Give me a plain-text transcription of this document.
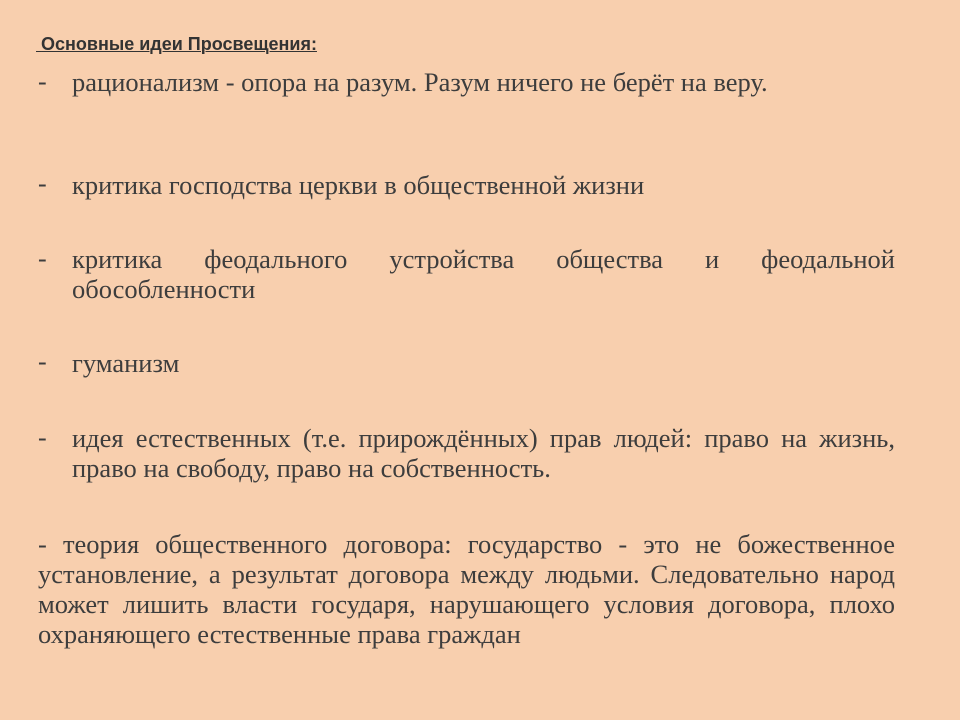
Основные идеи Просвещения:
- рационализм - опора на разум. Разум ничего не берёт на веру.
- критика господства церкви в общественной жизни
- критика феодального устройства общества и феодальной обособленности
- гуманизм
- идея естественных (т.е. прирождённых) прав людей: право на жизнь, право на свободу, право на собственность.
- теория общественного договора: государство - это не божественное установление, а результат договора между людьми. Следовательно народ может лишить власти государя, нарушающего условия договора, плохо охраняющего естественные права граждан
